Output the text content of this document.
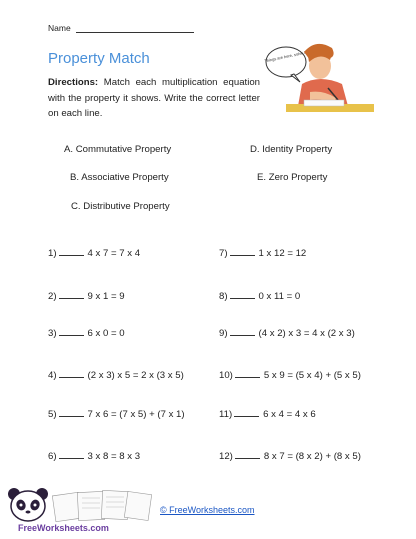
Name
Property Match
Directions: Match each multiplication equation with the property it shows. Write the correct letter on each line.
Things are here, solve it
A. Commutative Property
B. Associative Property
C. Distributive Property
D. Identity Property
E. Zero Property
1)	4 x 7 = 7 x 4
2)	9 x 1 = 9
3)	6 x 0 = 0
4)	(2 x 3) x 5 = 2 x (3 x 5)
5)	7 x 6 = (7 x 5) + (7 x 1)
6)	3 x 8 = 8 x 3
7)	1 x 12 = 12
8)	0 x 11 = 0
9)	(4 x 2) x 3 = 4 x (2 x 3)
10)	5 x 9 = (5 x 4) + (5 x 5)
11)	6 x 4 = 4 x 6
12)	8 x 7 = (8 x 2) + (8 x 5)
FreeWorksheets.com
© FreeWorksheets.com
